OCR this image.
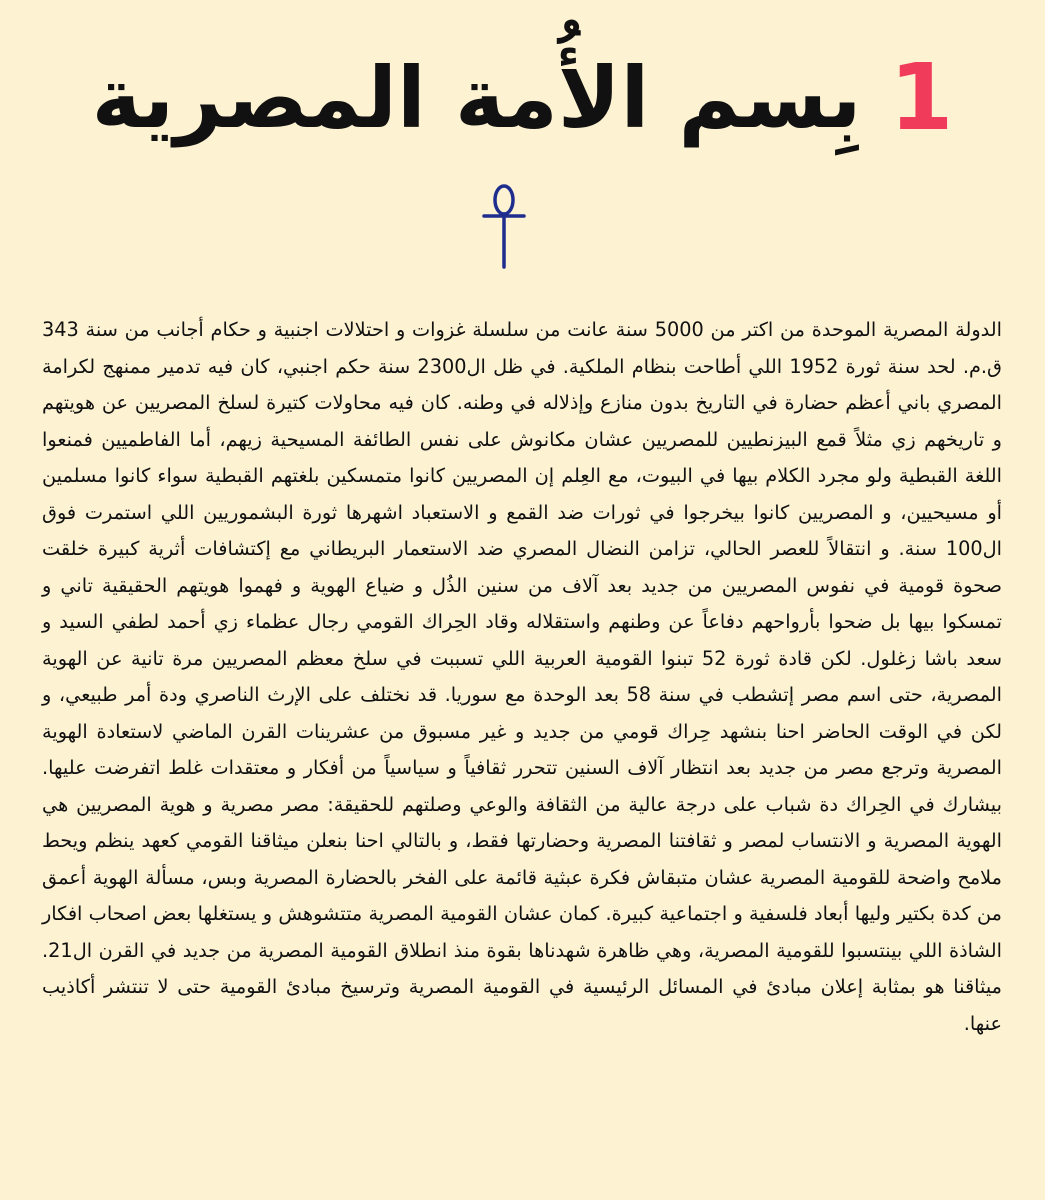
1
بِسم الأُمة المصرية

الدولة المصرية الموحدة من اكتر من 5000 سنة عانت من سلسلة غزوات و احتلالات اجنبية و حكام أجانب من سنة 343 ق.م. لحد سنة ثورة 1952 اللي أطاحت بنظام الملكية. في ظل ال2300 سنة حكم اجنبي، كان فيه تدمير ممنهج لكرامة المصري باني أعظم حضارة في التاريخ بدون منازع وإذلاله في وطنه. كان فيه محاولات كتيرة لسلخ المصريين عن هويتهم و تاريخهم زي مثلاً قمع البيزنطيين للمصريين عشان مكانوش على نفس الطائفة المسيحية زيهم، أما الفاطميين فمنعوا اللغة القبطية ولو مجرد الكلام بيها في البيوت، مع العِلم إن المصريين كانوا متمسكين بلغتهم القبطية سواء كانوا مسلمين أو مسيحيين، و المصريين كانوا بيخرجوا في ثورات ضد القمع و الاستعباد اشهرها ثورة البشموريين اللي استمرت فوق ال100 سنة. و انتقالاً للعصر الحالي، تزامن النضال المصري ضد الاستعمار البريطاني مع إكتشافات أثرية كبيرة خلقت صحوة قومية في نفوس المصريين من جديد بعد آلاف من سنين الذُل و ضياع الهوية و فهموا هويتهم الحقيقية تاني و تمسكوا بيها بل ضحوا بأرواحهم دفاعاً عن وطنهم واستقلاله وقاد الحِراك القومي رجال عظماء زي أحمد لطفي السيد و سعد باشا زغلول. لكن قادة ثورة 52 تبنوا القومية العربية اللي تسببت في سلخ معظم المصريين مرة تانية عن الهوية المصرية، حتى اسم مصر إتشطب في سنة 58 بعد الوحدة مع سوريا. قد نختلف على الإرث الناصري ودة أمر طبيعي، و لكن في الوقت الحاضر احنا بنشهد حِراك قومي من جديد و غير مسبوق من عشرينات القرن الماضي لاستعادة الهوية المصرية وترجع مصر من جديد بعد انتظار آلاف السنين تتحرر ثقافياً و سياسياً من أفكار و معتقدات غلط اتفرضت عليها. بيشارك في الحِراك دة شباب على درجة عالية من الثقافة والوعي وصلتهم للحقيقة: مصر مصرية و هوية المصريين هي الهوية المصرية و الانتساب لمصر و ثقافتنا المصرية وحضارتها فقط، و بالتالي احنا بنعلن ميثاقنا القومي كعهد ينظم ويحط ملامح واضحة للقومية المصرية عشان متبقاش فكرة عبثية قائمة على الفخر بالحضارة المصرية وبس، مسألة الهوية أعمق من كدة بكتير وليها أبعاد فلسفية و اجتماعية كبيرة. كمان عشان القومية المصرية متتشوهش و يستغلها بعض اصحاب افكار الشاذة اللي بينتسبوا للقومية المصرية، وهي ظاهرة شهدناها بقوة منذ انطلاق القومية المصرية من جديد في القرن ال21. ميثاقنا هو بمثابة إعلان مبادئ في المسائل الرئيسية في القومية المصرية وترسيخ مبادئ القومية حتى لا تنتشر أكاذيب عنها.
